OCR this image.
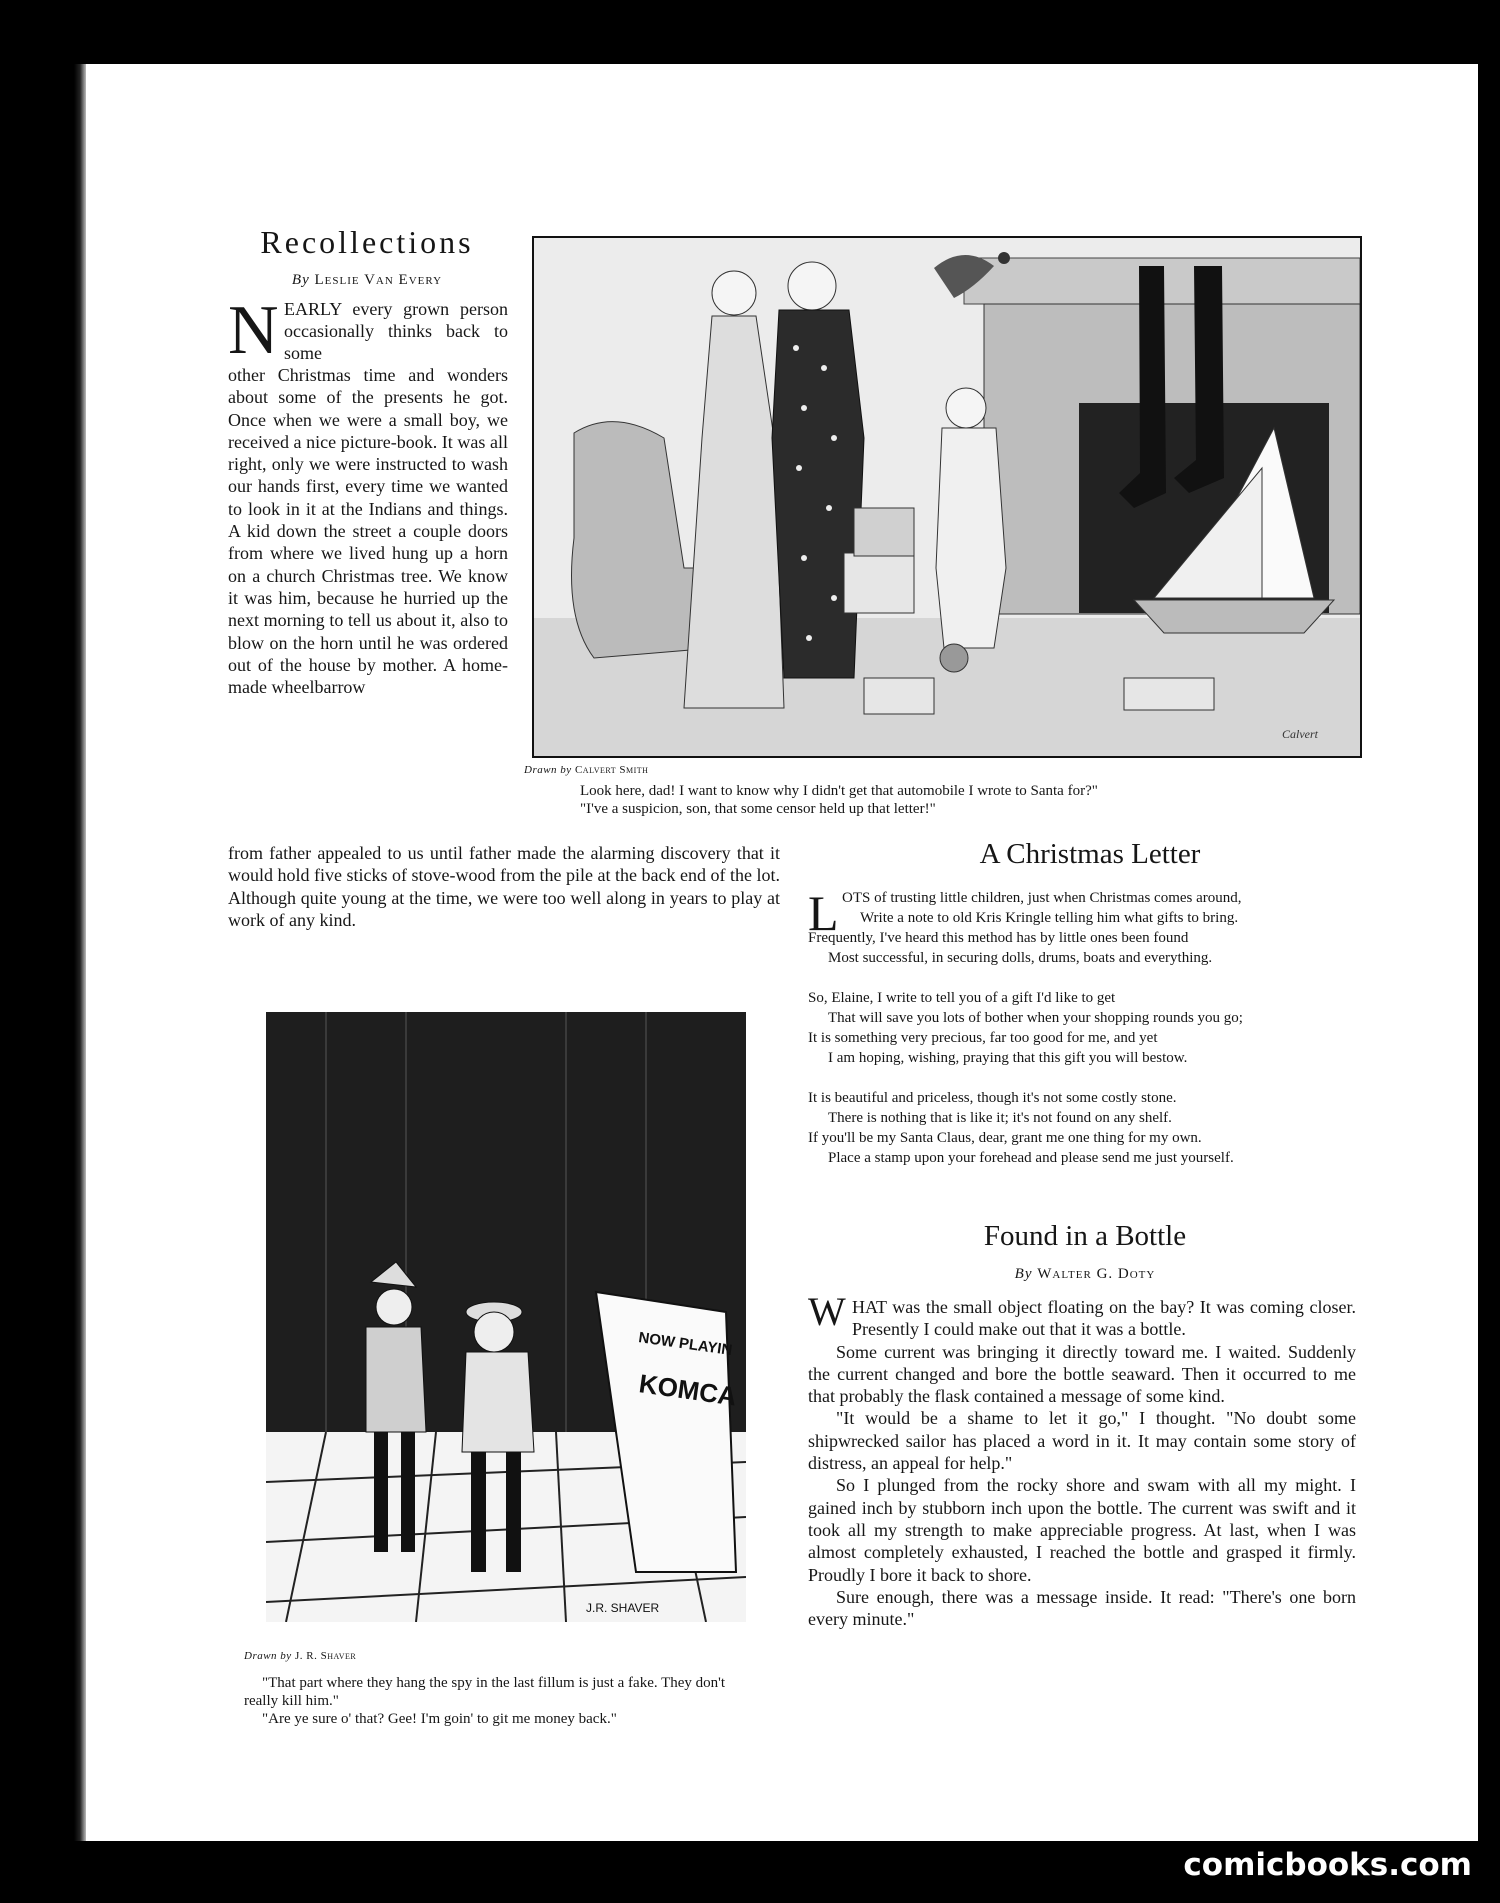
Recollections
By Leslie Van Every
N EARLY every grown person occasionally thinks back to some
other Christmas time and wonders about some of the presents he got. Once when we were a small boy, we received a nice picture-book. It was all right, only we were instructed to wash our hands first, every time we wanted to look in it at the Indians and things. A kid down the street a couple doors from where we lived hung up a horn on a church Christmas tree. We know it was him, because he hurried up the next morning to tell us about it, also to blow on the horn until he was ordered out of the house by mother. A home-made wheelbarrow
from father appealed to us until father made the alarming discovery that it would hold five sticks of stove-wood from the pile at the back end of the lot. Although quite young at the time, we were too well along in years to play at work of any kind.
Calvert
Drawn by Calvert Smith
Look here, dad! I want to know why I didn't get that automobile I wrote to Santa for?"
"I've a suspicion, son, that some censor held up that letter!"
A Christmas Letter
L OTS of trusting little children, just when Christmas comes around,
Write a note to old Kris Kringle telling him what gifts to bring.
Frequently, I've heard this method has by little ones been found
Most successful, in securing dolls, drums, boats and everything.
So, Elaine, I write to tell you of a gift I'd like to get
That will save you lots of bother when your shopping rounds you go;
It is something very precious, far too good for me, and yet
I am hoping, wishing, praying that this gift you will bestow.
It is beautiful and priceless, though it's not some costly stone.
There is nothing that is like it; it's not found on any shelf.
If you'll be my Santa Claus, dear, grant me one thing for my own.
Place a stamp upon your forehead and please send me just yourself.
NOW PLAYIN
KOMCA
J.R. SHAVER
Drawn by J. R. Shaver
"That part where they hang the spy in the last fillum is just a fake. They don't really kill him."
"Are ye sure o' that? Gee! I'm goin' to git me money back."
Found in a Bottle
By Walter G. Doty
W HAT was the small object floating on the bay? It was coming closer. Presently I could make out that it was a bottle.

Some current was bringing it directly toward me. I waited. Suddenly the current changed and bore the bottle seaward. Then it occurred to me that probably the flask contained a message of some kind.

"It would be a shame to let it go," I thought. "No doubt some shipwrecked sailor has placed a word in it. It may contain some story of distress, an appeal for help."

So I plunged from the rocky shore and swam with all my might. I gained inch by stubborn inch upon the bottle. The current was swift and it took all my strength to make appreciable progress. At last, when I was almost completely exhausted, I reached the bottle and grasped it firmly. Proudly I bore it back to shore.

Sure enough, there was a message inside. It read: "There's one born every minute."

comicbooks.com
